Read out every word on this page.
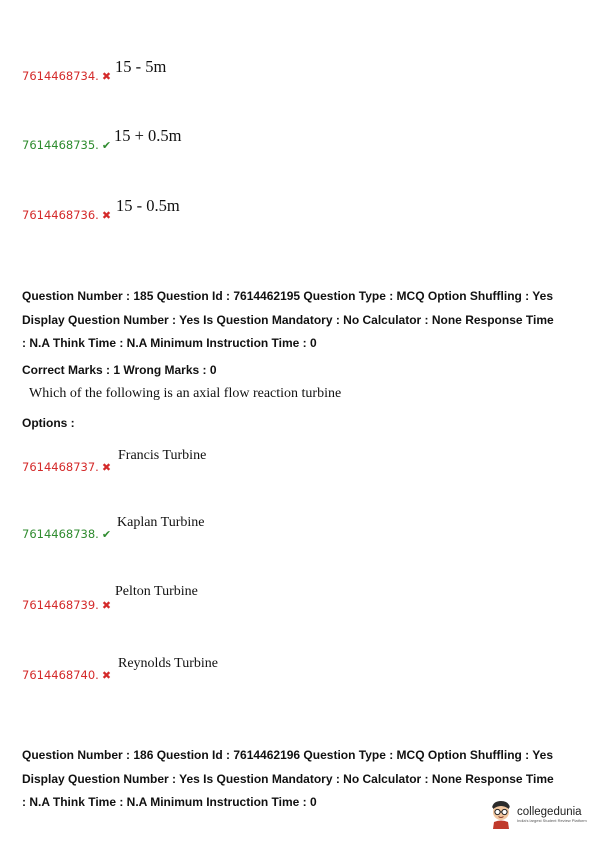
7614468734. ✖
15 - 5m
7614468735. ✔
15 + 0.5m
7614468736. ✖
15 - 0.5m
Question Number : 185 Question Id : 7614462195 Question Type : MCQ Option Shuffling : Yes
Display Question Number : Yes Is Question Mandatory : No Calculator : None Response Time
: N.A Think Time : N.A Minimum Instruction Time : 0
Correct Marks : 1 Wrong Marks : 0
Which of the following is an axial flow reaction turbine
Options :
7614468737. ✖
Francis Turbine
7614468738. ✔
Kaplan Turbine
7614468739. ✖
Pelton Turbine
7614468740. ✖
Reynolds Turbine
Question Number : 186 Question Id : 7614462196 Question Type : MCQ Option Shuffling : Yes
Display Question Number : Yes Is Question Mandatory : No Calculator : None Response Time
: N.A Think Time : N.A Minimum Instruction Time : 0
collegedunia
India's largest Student Review Platform
